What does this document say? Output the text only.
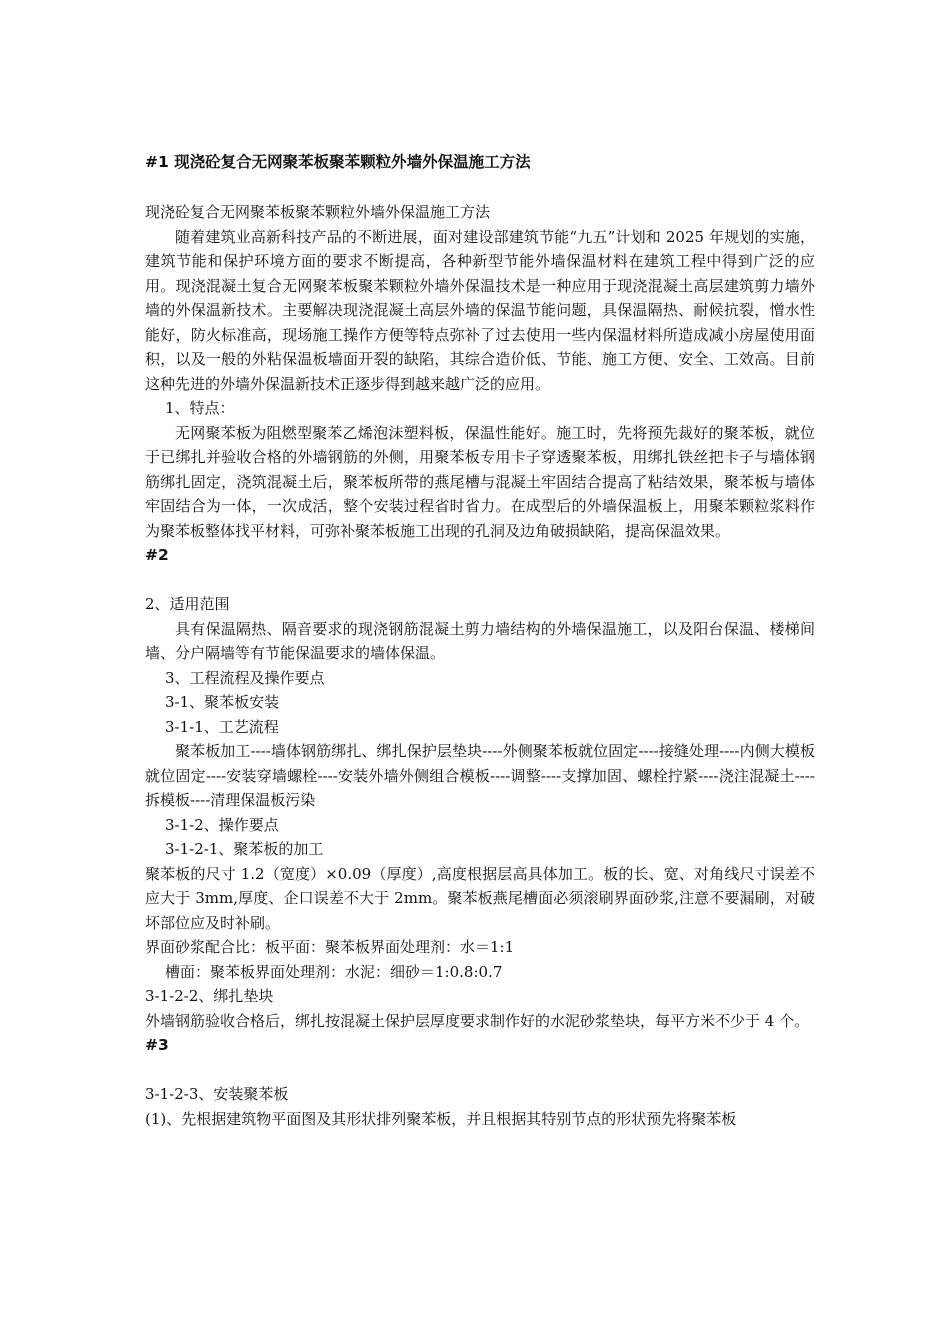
#1 现浇砼复合无网聚苯板聚苯颗粒外墙外保温施工方法

现浇砼复合无网聚苯板聚苯颗粒外墙外保温施工方法

随着建筑业高新科技产品的不断进展，面对建设部建筑节能“九五”计划和 2025 年规划的实施，建筑节能和保护环境方面的要求不断提高，各种新型节能外墙保温材料在建筑工程中得到广泛的应用。现浇混凝土复合无网聚苯板聚苯颗粒外墙外保温技术是一种应用于现浇混凝土高层建筑剪力墙外墙的外保温新技术。主要解决现浇混凝土高层外墙的保温节能问题，具保温隔热、耐候抗裂，憎水性能好，防火标准高，现场施工操作方便等特点弥补了过去使用一些内保温材料所造成减小房屋使用面积，以及一般的外粘保温板墙面开裂的缺陷，其综合造价低、节能、施工方便、安全、工效高。目前这种先进的外墙外保温新技术正逐步得到越来越广泛的应用。

1、特点：

无网聚苯板为阻燃型聚苯乙烯泡沫塑料板，保温性能好。施工时，先将预先裁好的聚苯板，就位于已绑扎并验收合格的外墙钢筋的外侧，用聚苯板专用卡子穿透聚苯板，用绑扎铁丝把卡子与墙体钢筋绑扎固定，浇筑混凝土后，聚苯板所带的燕尾槽与混凝土牢固结合提高了粘结效果，聚苯板与墙体牢固结合为一体，一次成活，整个安装过程省时省力。在成型后的外墙保温板上，用聚苯颗粒浆料作为聚苯板整体找平材料，可弥补聚苯板施工出现的孔洞及边角破损缺陷，提高保温效果。

#2

2、适用范围

具有保温隔热、隔音要求的现浇钢筋混凝土剪力墙结构的外墙保温施工，以及阳台保温、楼梯间墙、分户隔墙等有节能保温要求的墙体保温。

3、工程流程及操作要点

3-1、聚苯板安装

3-1-1、工艺流程

聚苯板加工----墙体钢筋绑扎、绑扎保护层垫块----外侧聚苯板就位固定----接缝处理----内侧大模板就位固定----安装穿墙螺栓----安装外墙外侧组合模板----调整----支撑加固、螺栓拧紧----浇注混凝土----拆模板----清理保温板污染

3-1-2、操作要点

3-1-2-1、聚苯板的加工

聚苯板的尺寸 1.2（宽度）×0.09（厚度）,高度根据层高具体加工。板的长、宽、对角线尺寸误差不应大于 3mm,厚度、企口误差不大于 2mm。聚苯板燕尾槽面必须滚刷界面砂浆,注意不要漏刷，对破坏部位应及时补刷。

界面砂浆配合比：板平面：聚苯板界面处理剂：水＝1:1

槽面：聚苯板界面处理剂：水泥：细砂＝1:0.8:0.7

3-1-2-2、绑扎垫块

外墙钢筋验收合格后，绑扎按混凝土保护层厚度要求制作好的水泥砂浆垫块，每平方米不少于 4 个。

#3

3-1-2-3、安装聚苯板

(1)、先根据建筑物平面图及其形状排列聚苯板，并且根据其特别节点的形状预先将聚苯板
